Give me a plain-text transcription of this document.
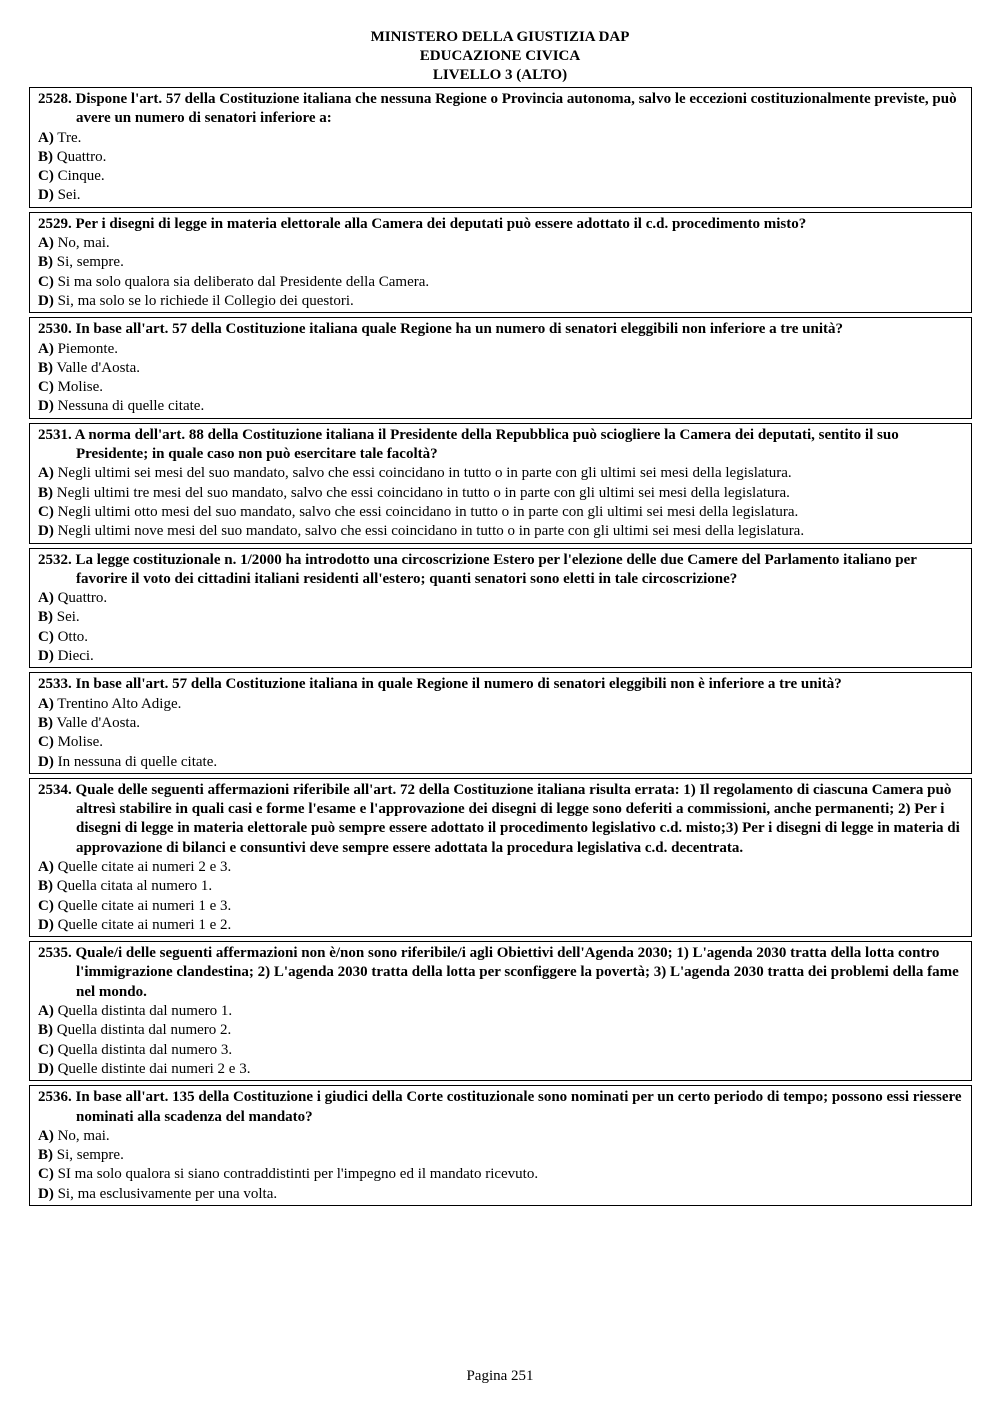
MINISTERO DELLA GIUSTIZIA DAP
EDUCAZIONE CIVICA
LIVELLO 3 (ALTO)
2528. Dispone l'art. 57 della Costituzione italiana che nessuna Regione o Provincia autonoma, salvo le eccezioni costituzionalmente previste, può avere un numero di senatori inferiore a:
A) Tre.
B) Quattro.
C) Cinque.
D) Sei.
2529. Per i disegni di legge in materia elettorale alla Camera dei deputati può essere adottato il c.d. procedimento misto?
A) No, mai.
B) Si, sempre.
C) Si ma solo qualora sia deliberato dal Presidente della Camera.
D) Si, ma solo se lo richiede il Collegio dei questori.
2530. In base all'art. 57 della Costituzione italiana quale Regione ha un numero di senatori eleggibili non inferiore a tre unità?
A) Piemonte.
B) Valle d'Aosta.
C) Molise.
D) Nessuna di quelle citate.
2531. A norma dell'art. 88 della Costituzione italiana il Presidente della Repubblica può sciogliere la Camera dei deputati, sentito il suo Presidente; in quale caso non può esercitare tale facoltà?
A) Negli ultimi sei mesi del suo mandato, salvo che essi coincidano in tutto o in parte con gli ultimi sei mesi della legislatura.
B) Negli ultimi tre mesi del suo mandato, salvo che essi coincidano in tutto o in parte con gli ultimi sei mesi della legislatura.
C) Negli ultimi otto mesi del suo mandato, salvo che essi coincidano in tutto o in parte con gli ultimi sei mesi della legislatura.
D) Negli ultimi nove mesi del suo mandato, salvo che essi coincidano in tutto o in parte con gli ultimi sei mesi della legislatura.
2532. La legge costituzionale n. 1/2000 ha introdotto una circoscrizione Estero per l'elezione delle due Camere del Parlamento italiano per favorire il voto dei cittadini italiani residenti all'estero; quanti senatori sono eletti in tale circoscrizione?
A) Quattro.
B) Sei.
C) Otto.
D) Dieci.
2533. In base all'art. 57 della Costituzione italiana in quale Regione il numero di senatori eleggibili non è inferiore a tre unità?
A) Trentino Alto Adige.
B) Valle d'Aosta.
C) Molise.
D) In nessuna di quelle citate.
2534. Quale delle seguenti affermazioni riferibile all'art. 72 della Costituzione italiana risulta errata: 1) Il regolamento di ciascuna Camera può altresì stabilire in quali casi e forme l'esame e l'approvazione dei disegni di legge sono deferiti a commissioni, anche permanenti; 2) Per i disegni di legge in materia elettorale può sempre essere adottato il procedimento legislativo c.d. misto;3) Per i disegni di legge in materia di approvazione di bilanci e consuntivi deve sempre essere adottata la procedura legislativa c.d. decentrata.
A) Quelle citate ai numeri 2 e 3.
B) Quella citata al numero 1.
C) Quelle citate ai numeri 1 e 3.
D) Quelle citate ai numeri 1 e 2.
2535. Quale/i delle seguenti affermazioni non è/non sono riferibile/i agli Obiettivi dell'Agenda 2030; 1) L'agenda 2030 tratta della lotta contro l'immigrazione clandestina; 2) L'agenda 2030 tratta della lotta per sconfiggere la povertà; 3) L'agenda 2030 tratta dei problemi della fame nel mondo.
A) Quella distinta dal numero 1.
B) Quella distinta dal numero 2.
C) Quella distinta dal numero 3.
D) Quelle distinte dai numeri 2 e 3.
2536. In base all'art. 135 della Costituzione i giudici della Corte costituzionale sono nominati per un certo periodo di tempo; possono essi riessere nominati alla scadenza del mandato?
A) No, mai.
B) Si, sempre.
C) SI ma solo qualora si siano contraddistinti per l'impegno ed il mandato ricevuto.
D) Si, ma esclusivamente per una volta.
Pagina 251
